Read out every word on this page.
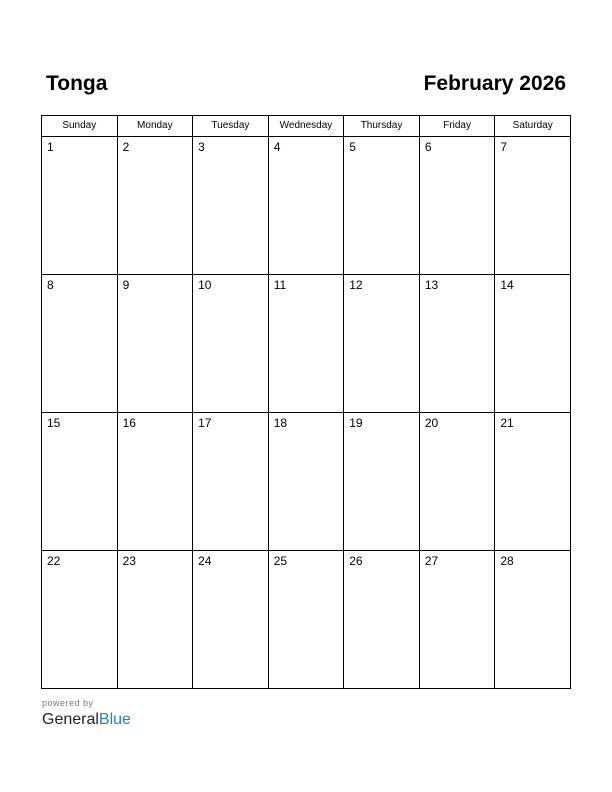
Tonga	February 2026
Sunday	Monday	Tuesday	Wednesday	Thursday	Friday	Saturday

1	2	3	4	5	6	7

8	9	10	11	12	13	14

15	16	17	18	19	20	21

22	23	24	25	26	27	28
powered by
GeneralBlue
